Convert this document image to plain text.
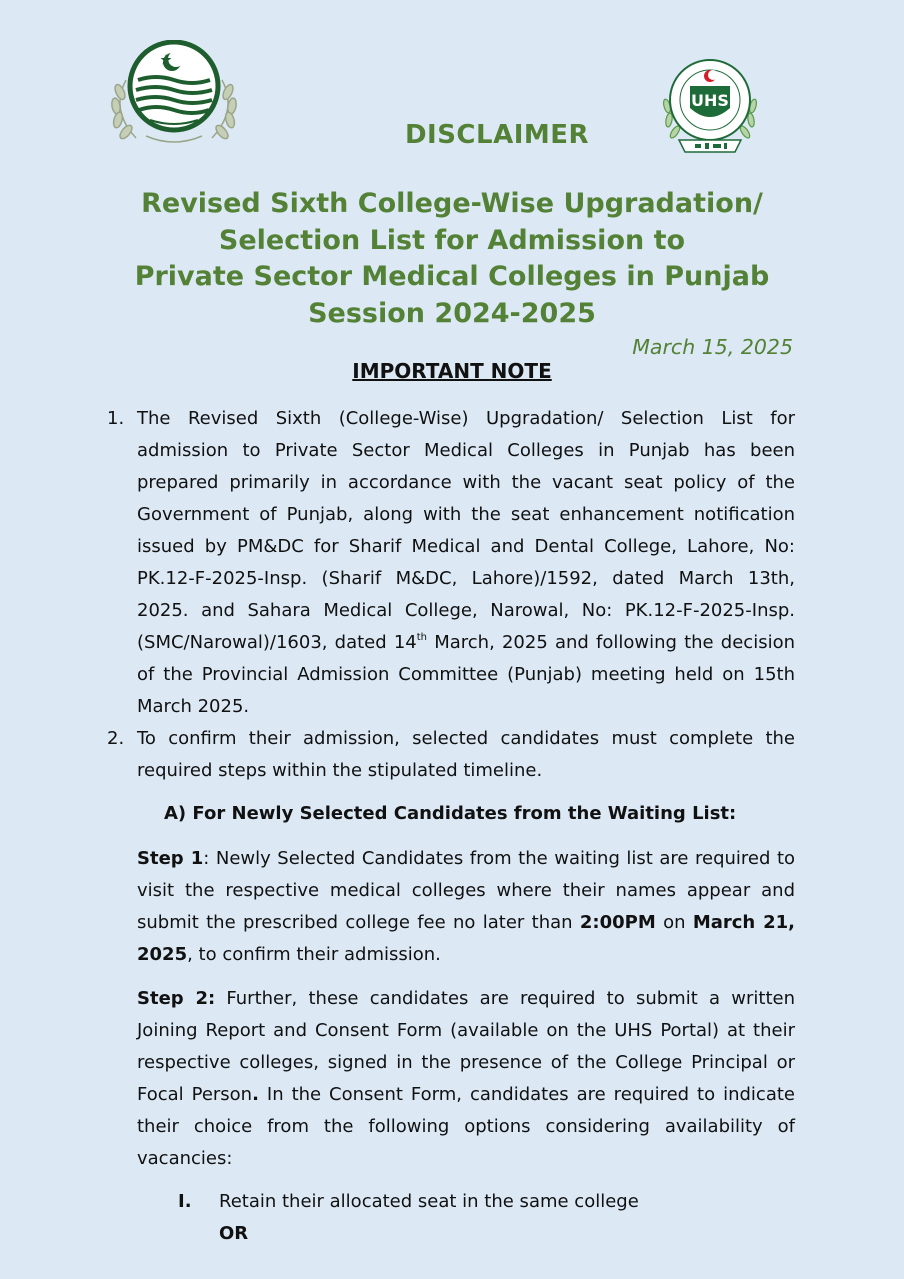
UHS
DISCLAIMER
Revised Sixth College-Wise Upgradation/
Selection List for Admission to
Private Sector Medical Colleges in Punjab
Session 2024-2025
March 15, 2025
IMPORTANT NOTE
1. The Revised Sixth (College-Wise) Upgradation/ Selection List for admission to Private Sector Medical Colleges in Punjab has been prepared primarily in accordance with the vacant seat policy of the Government of Punjab, along with the seat enhancement notification issued by PM&DC for Sharif Medical and Dental College, Lahore, No: PK.12-F-2025-Insp. (Sharif M&DC, Lahore)/1592, dated March 13th, 2025. and Sahara Medical College, Narowal, No: PK.12-F-2025-Insp. (SMC/Narowal)/1603, dated 14th March, 2025 and following the decision of the Provincial Admission Committee (Punjab) meeting held on 15th March 2025.
2. To confirm their admission, selected candidates must complete the required steps within the stipulated timeline.
A) For Newly Selected Candidates from the Waiting List:
Step 1: Newly Selected Candidates from the waiting list are required to visit the respective medical colleges where their names appear and submit the prescribed college fee no later than 2:00PM on March 21, 2025, to confirm their admission.
Step 2: Further, these candidates are required to submit a written Joining Report and Consent Form (available on the UHS Portal) at their respective colleges, signed in the presence of the College Principal or Focal Person. In the Consent Form, candidates are required to indicate their choice from the following options considering availability of vacancies:
I. Retain their allocated seat in the same college
OR
